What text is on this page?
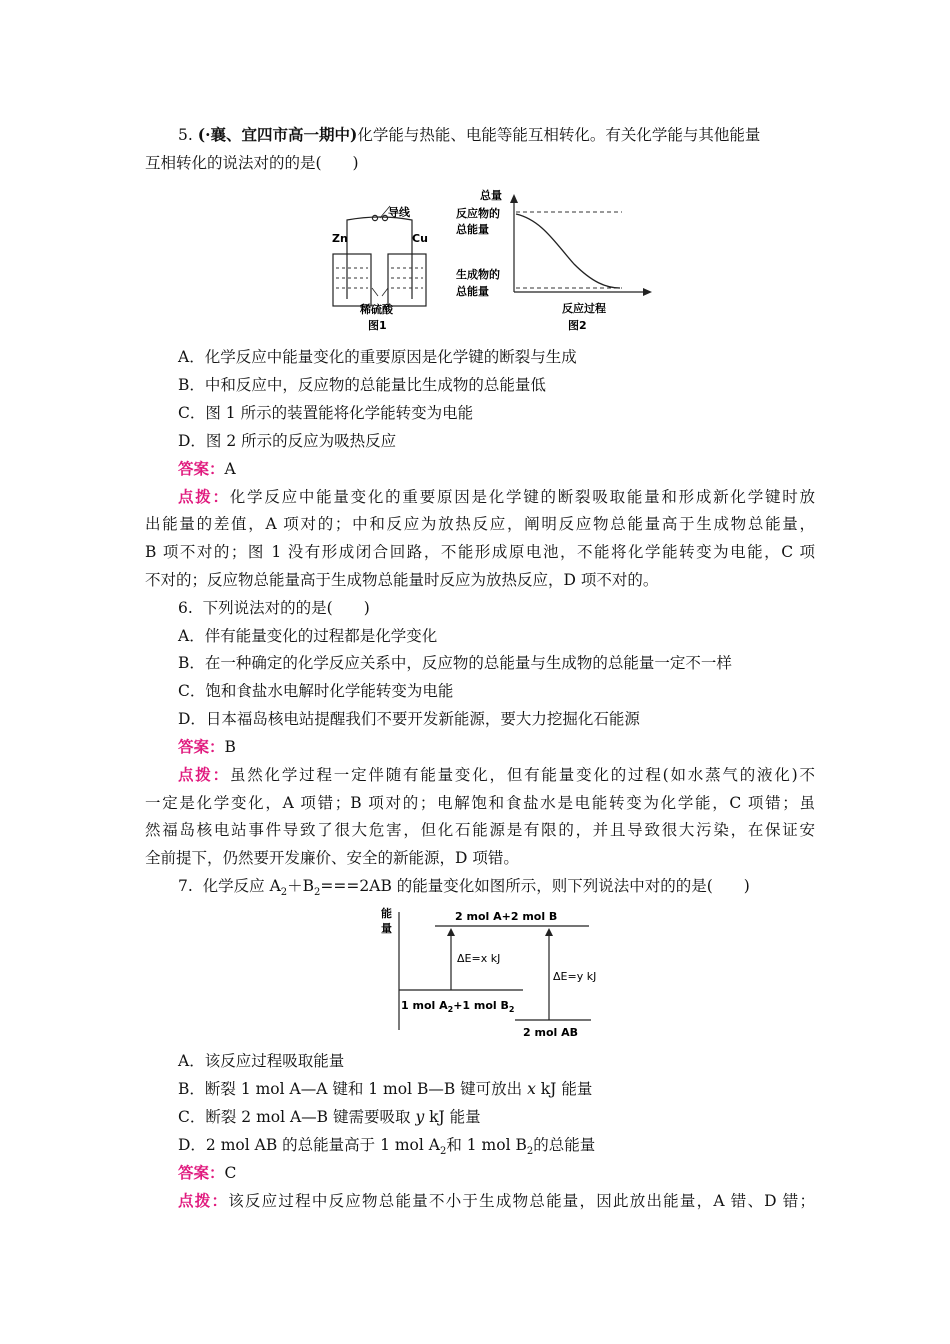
5. (·襄、宜四市高一期中)化学能与热能、电能等能互相转化。有关化学能与其他能量
互相转化的说法对的的是(　　)
导线
Zn	Cu
稀硫酸
图1
总量
反应物的
总能量
生成物的
总能量
反应过程
图2
A．化学反应中能量变化的重要原因是化学键的断裂与生成
B．中和反应中，反应物的总能量比生成物的总能量低
C．图 1 所示的装置能将化学能转变为电能
D．图 2 所示的反应为吸热反应
答案：A
点拨：化学反应中能量变化的重要原因是化学键的断裂吸取能量和形成新化学键时放
出能量的差值，A 项对的；中和反应为放热反应，阐明反应物总能量高于生成物总能量，
B 项不对的；图 1 没有形成闭合回路，不能形成原电池，不能将化学能转变为电能，C 项
不对的；反应物总能量高于生成物总能量时反应为放热反应，D 项不对的。
6. 下列说法对的的是(　　)
A．伴有能量变化的过程都是化学变化
B．在一种确定的化学反应关系中，反应物的总能量与生成物的总能量一定不一样
C．饱和食盐水电解时化学能转变为电能
D．日本福岛核电站提醒我们不要开发新能源，要大力挖掘化石能源
答案：B
点拨：虽然化学过程一定伴随有能量变化，但有能量变化的过程(如水蒸气的液化)不
一定是化学变化，A 项错；B 项对的；电解饱和食盐水是电能转变为化学能，C 项错；虽
然福岛核电站事件导致了很大危害，但化石能源是有限的，并且导致很大污染，在保证安
全前提下，仍然要开发廉价、安全的新能源，D 项错。
7. 化学反应 $A_2+B_2===2AB$ 的能量变化如图所示，则下列说法中对的的是(　　)
能
量
2 mol A+2 mol B
ΔE=x kJ
ΔE=y kJ
1 mol $A_2+1$ mol $B_2$
2 mol AB
A．该反应过程吸取能量
B．断裂 1 mol A—A 键和 1 mol B—B 键可放出 x kJ 能量
C．断裂 2 mol A—B 键需要吸取 y kJ 能量
D．2 mol AB 的总能量高于 1 mol $A_2$和 1 mol $B_2$的总能量
答案：C
点拨：该反应过程中反应物总能量不小于生成物总能量，因此放出能量，A 错、D 错；
